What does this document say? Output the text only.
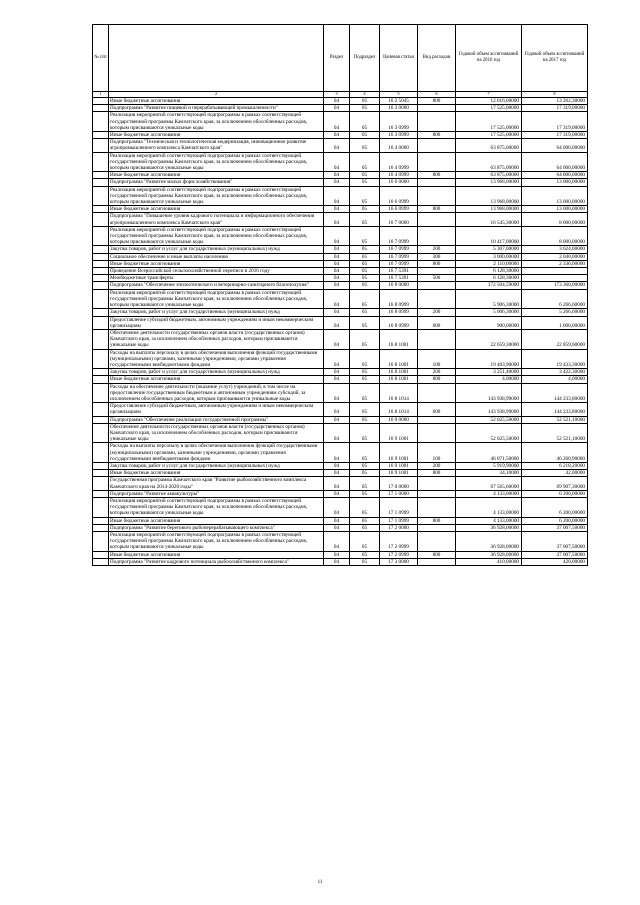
№ п/п		Раздел	Подраздел	Целевая статья	Вид расходов	Годовой объем ассигнований на 2016 год	Годовой объем ассигнований на 2017 год
1	2	3	4	5	6	7	8
	Иные бюджетные ассигнования	04	05	16 2 5045	800	12 016,00000	13 262,30000
	Подпрограмма "Развитие пищевой и перерабатывающей промышленности"	04	05	16 3 0000		17 525,00000	17 319,00000
	Реализация мероприятий соответствующей подпрограммы в рамках соответствующей государственной программы Камчатского края, за исключением обособленных расходов, которым присваиваются уникальные коды	04	05	16 3 0999		17 525,00000	17 319,00000
	Иные бюджетные ассигнования	04	05	16 3 0999	800	17 525,00000	17 319,00000
	Подпрограмма "Техническая и технологическая модернизация, инновационное развитие агропромышленного комплекса Камчатского края"	04	05	16 4 0000		63 875,00000	64 000,00000
	Реализация мероприятий соответствующей подпрограммы в рамках соответствующей государственной программы Камчатского края, за исключением обособленных расходов, которым присваиваются уникальные коды	04	05	16 4 0999		63 875,00000	64 000,00000
	Иные бюджетные ассигнования	04	05	16 4 0999	800	63 875,00000	64 000,00000
	Подпрограмма "Развитие малых форм хозяйствования"	04	05	16 6 0000		13 968,00000	13 000,00000
	Реализация мероприятий соответствующей подпрограммы в рамках соответствующей государственной программы Камчатского края, за исключением обособленных расходов, которым присваиваются уникальные коды	04	05	16 6 0999		13 968,00000	13 000,00000
	Иные бюджетные ассигнования	04	05	16 6 0999	800	13 968,00000	13 000,00000
	Подпрограмма "Повышение уровня кадрового потенциала и информационного обеспечения агропромышленного комплекса Камчатского края"	04	05	16 7 0000		16 545,30000	8 000,00000
	Реализация мероприятий соответствующей подпрограммы в рамках соответствующей государственной программы Камчатского края, за исключением обособленных расходов, которым присваиваются уникальные коды	04	05	16 7 0999		10 417,00000	8 000,00000
	Закупка товаров, работ и услуг для государственных (муниципальных) нужд	04	05	16 7 0999	200	5 307,00000	3 624,00000
	Социальное обеспечение и иные выплаты населению	04	05	16 7 0999	300	3 000,00000	2 040,00000
	Иные бюджетные ассигнования	04	05	16 7 0999	800	2 110,00000	2 336,00000
	Проведение Всероссийской сельскохозяйственной переписи в 2016 году	04	05	16 7 5391		6 128,30000	
	Межбюджетные трансферты	04	05	16 7 5391	500	6 128,30000	
	Подпрограмма "Обеспечение эпизоотического и ветеринарно-санитарного благополучия"	04	05	16 8 0000		172 504,59000	173 360,00000
	Реализация мероприятий соответствующей подпрограммы в рамках соответствующей государственной программы Камчатского края, за исключением обособленных расходов, которым присваиваются уникальные коды	04	05	16 8 0999		5 906,30000	6 266,60000
	Закупка товаров, работ и услуг для государственных (муниципальных) нужд	04	05	16 8 0999	200	5 006,30000	5 266,60000
	Предоставление субсидий бюджетным, автономным учреждениям и иным некоммерческим организациям	04	05	16 8 0999	600	900,00000	1 000,00000
	Обеспечение деятельности государственных органов власти (государственных органов) Камчатского края, за исключением обособленных расходов, которым присваиваются уникальные коды	04	05	16 8 1001		22 659,30000	22 859,60000
	Расходы на выплаты персоналу в целях обеспечения выполнения функций государственными (муниципальными) органами, казенными учреждениями, органами управления государственными внебюджетными фондами	04	05	16 8 1001	100	19 403,90000	19 433,30000
	Закупка товаров, работ и услуг для государственных (муниципальных) нужд	04	05	16 8 1001	200	3 251,40000	3 422,30000
	Иные бюджетные ассигнования	04	05	16 8 1001	800	4,00000	4,00000
	Расходы на обеспечение деятельности (оказание услуг) учреждений, в том числе на предоставление государственным бюджетным и автономным учреждениям субсидий, за исключением обособленных расходов, которым присваиваются уникальные коды	04	05	16 8 1014		143 938,99000	144 233,80000
	Предоставление субсидий бюджетным, автономным учреждениям и иным некоммерческим организациям	04	05	16 8 1014	600	143 938,99000	144 233,80000
	Подпрограмма "Обеспечение реализации государственной программы"	04	05	16 9 0000		52 025,50000	52 521,10000
	Обеспечение деятельности государственных органов власти (государственных органов) Камчатского края, за исключением обособленных расходов, которым присваиваются уникальные коды	04	05	16 9 1001		52 025,50000	52 521,10000
	Расходы на выплаты персоналу в целях обеспечения выполнения функций государственными (муниципальными) органами, казенными учреждениями, органами управления государственными внебюджетными фондами	04	05	16 9 1001	100	46 071,50000	46 260,90000
	Закупка товаров, работ и услуг для государственных (муниципальных) нужд	04	05	16 9 1001	200	5 919,90000	6 218,20000
	Иные бюджетные ассигнования	04	05	16 9 1001	800	34,10000	42,00000
	Государственная программа Камчатского края "Развитие рыбохозяйственного комплекса Камчатского края на 2014-2020 годы"	04	05	17 0 0000		67 565,60000	69 907,30000
	Подпрограмма "Развитие аквакультуры"	04	05	17 1 0000		4 133,00000	6 200,00000
	Реализация мероприятий соответствующей подпрограммы в рамках соответствующей государственной программы Камчатского края, за исключением обособленных расходов, которым присваиваются уникальные коды	04	05	17 1 0999		4 133,00000	6 200,00000
	Иные бюджетные ассигнования	04	05	17 1 0999	800	4 133,00000	6 200,00000
	Подпрограмма "Развитие берегового рыбоперерабатывающего комплекса"	04	05	17 2 0000		36 928,00000	37 007,50000
	Реализация мероприятий соответствующей подпрограммы в рамках соответствующей государственной программы Камчатского края, за исключением обособленных расходов, которым присваиваются уникальные коды	04	05	17 2 0999		36 928,00000	37 007,50000
	Иные бюджетные ассигнования	04	05	17 2 0999	800	36 928,00000	37 007,50000
	Подпрограмма "Развитие кадрового потенциала рыбохозяйственного комплекса"	04	05	17 3 0000		410,00000	420,00000
11
